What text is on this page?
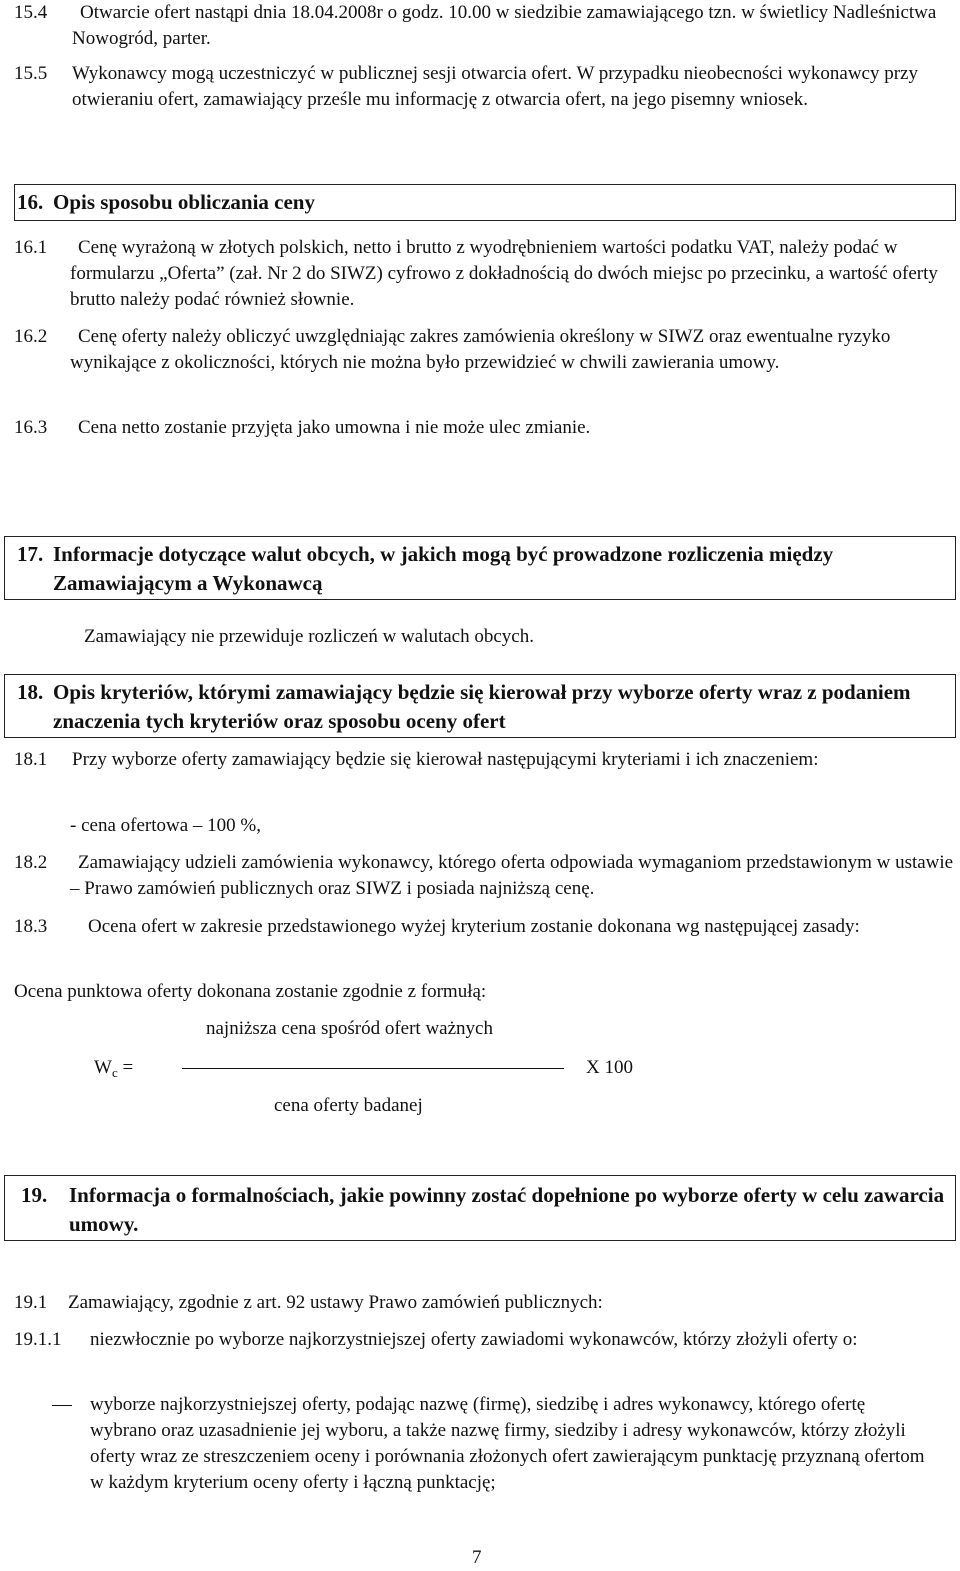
15.4	Otwarcie ofert nastąpi dnia 18.04.2008r o godz. 10.00 w siedzibie zamawiającego tzn. w świetlicy Nadleśnictwa Nowogród, parter.
15.5 Wykonawcy mogą uczestniczyć w publicznej sesji otwarcia ofert. W przypadku nieobecności wykonawcy przy otwieraniu ofert, zamawiający prześle mu informację z otwarcia ofert, na jego pisemny wniosek.
16. Opis sposobu obliczania ceny
16.1	Cenę wyrażoną w złotych polskich, netto i brutto z wyodrębnieniem wartości podatku VAT, należy podać w formularzu „Oferta” (zał. Nr 2 do SIWZ) cyfrowo z dokładnością do dwóch miejsc po przecinku, a wartość oferty brutto należy podać również słownie.
16.2	Cenę oferty należy obliczyć uwzględniając zakres zamówienia określony w SIWZ oraz ewentualne ryzyko wynikające z okoliczności, których nie można było przewidzieć w chwili zawierania umowy.
16.3 Cena netto zostanie przyjęta jako umowna i nie może ulec zmianie.
17. Informacje dotyczące walut obcych, w jakich mogą być prowadzone rozliczenia między Zamawiającym a Wykonawcą
Zamawiający nie przewiduje rozliczeń w walutach obcych.
18. Opis kryteriów, którymi zamawiający będzie się kierował przy wyborze oferty wraz z podaniem znaczenia tych kryteriów oraz sposobu oceny ofert
18.1 Przy wyborze oferty zamawiający będzie się kierował następującymi kryteriami i ich znaczeniem:
- cena ofertowa – 100 %,
18.2	Zamawiający udzieli zamówienia wykonawcy, którego oferta odpowiada wymaganiom przedstawionym w ustawie – Prawo zamówień publicznych oraz SIWZ i posiada najniższą cenę.
18.3	Ocena ofert w zakresie przedstawionego wyżej kryterium zostanie dokonana wg następującej zasady:
Ocena punktowa oferty dokonana zostanie zgodnie z formułą:
najniższa cena spośród ofert ważnych
$W_c$ =	X 100
cena oferty badanej
19. Informacja o formalnościach, jakie powinny zostać dopełnione po wyborze oferty w celu zawarcia umowy.
19.1 Zamawiający, zgodnie z art. 92 ustawy Prawo zamówień publicznych:
19.1.1 niezwłocznie po wyborze najkorzystniejszej oferty zawiadomi wykonawców, którzy złożyli oferty o:
wyborze najkorzystniejszej oferty, podając nazwę (firmę), siedzibę i adres wykonawcy, którego ofertę wybrano oraz uzasadnienie jej wyboru, a także nazwę firmy, siedziby i adresy wykonawców, którzy złożyli oferty wraz ze streszczeniem oceny i porównania złożonych ofert zawierającym punktację przyznaną ofertom w każdym kryterium oceny oferty i łączną punktację;
7
